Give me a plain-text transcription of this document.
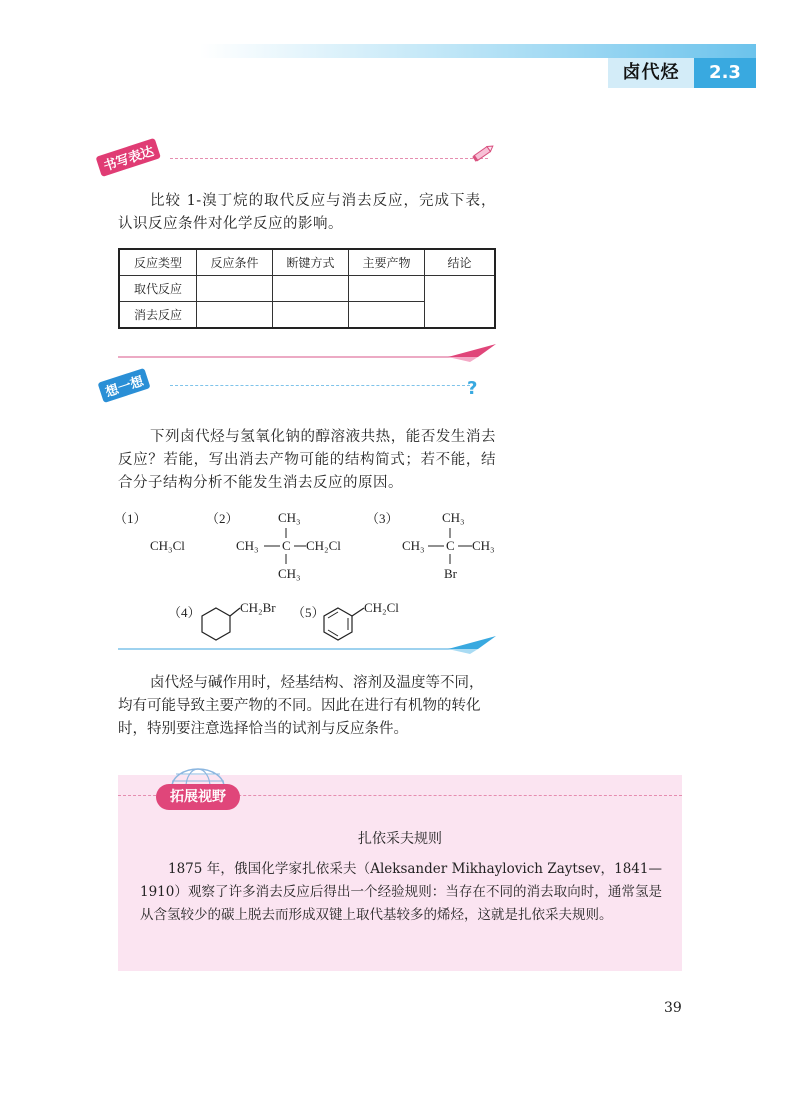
卤代烃	2.3
书写表达
比较 1-溴丁烷的取代反应与消去反应，完成下表，认识反应条件对化学反应的影响。
反应类型	反应条件	断键方式	主要产物	结论
取代反应				
消去反应				
想一想	?
下列卤代烃与氢氧化钠的醇溶液共热，能否发生消去反应？若能，写出消去产物可能的结构简式；若不能，结合分子结构分析不能发生消去反应的原因。
（1）
CH₃Cl
（2）	CH₃
CH₃ C CH₂Cl
CH₃
（3）	CH₃
CH₃ C CH₃
Br
（4）	CH₂Br （5）	CH₂Cl
卤代烃与碱作用时，烃基结构、溶剂及温度等不同，均有可能导致主要产物的不同。因此在进行有机物的转化时，特别要注意选择恰当的试剂与反应条件。
拓展视野
扎依采夫规则
1875 年，俄国化学家扎依采夫（Aleksander Mikhaylovich Zaytsev，1841—1910）观察了许多消去反应后得出一个经验规则：当存在不同的消去取向时，通常氢是从含氢较少的碳上脱去而形成双键上取代基较多的烯烃，这就是扎依采夫规则。
39
